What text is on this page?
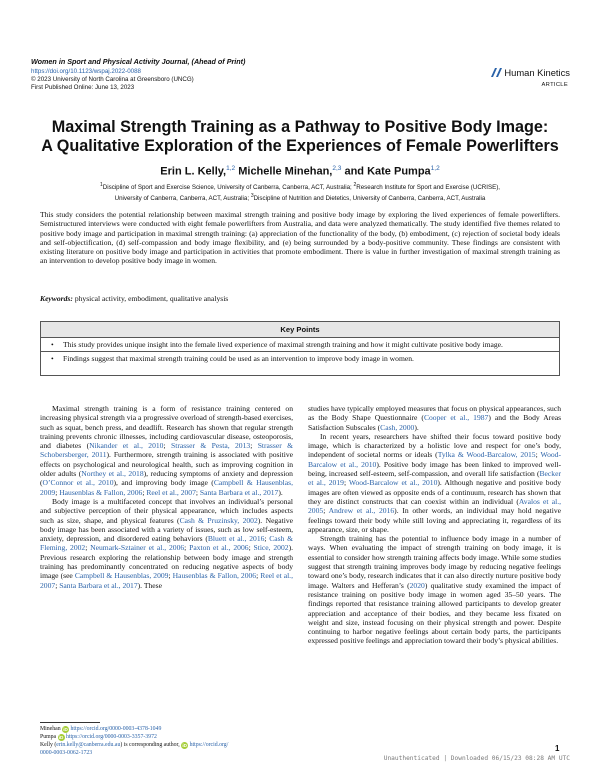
Women in Sport and Physical Activity Journal, (Ahead of Print)
https://doi.org/10.1123/wspaj.2022-0088
© 2023 University of North Carolina at Greensboro (UNCG)
First Published Online: June 13, 2023
Human Kinetics
ARTICLE
Maximal Strength Training as a Pathway to Positive Body Image:
A Qualitative Exploration of the Experiences of Female Powerlifters
Erin L. Kelly,$^{1,2}$ Michelle Minehan,$^{2,3}$ and Kate Pumpa$^{1,2}$
$^1$Discipline of Sport and Exercise Science, University of Canberra, Canberra, ACT, Australia; $^2$Research Institute for Sport and Exercise (UCRISE),
University of Canberra, Canberra, ACT, Australia; $^3$Discipline of Nutrition and Dietetics, University of Canberra, Canberra, ACT, Australia
This study considers the potential relationship between maximal strength training and positive body image by exploring the lived experiences of female powerlifters. Semistructured interviews were conducted with eight female powerlifters from Australia, and data were analyzed thematically. The study identified five themes related to positive body image and participation in maximal strength training: (a) appreciation of the functionality of the body, (b) embodiment, (c) rejection of societal body ideals and self-objectification, (d) self-compassion and body image flexibility, and (e) being surrounded by a body-positive community. These findings are consistent with existing literature on positive body image and participation in activities that promote embodiment. There is value in further investigation of maximal strength training as an intervention to develop positive body image in women.
Keywords: physical activity, embodiment, qualitative analysis
Key Points
• This study provides unique insight into the female lived experience of maximal strength training and how it might cultivate positive body image.
• Findings suggest that maximal strength training could be used as an intervention to improve body image in women.

Maximal strength training is a form of resistance training centered on increasing physical strength via a progressive overload of strength-based exercises, such as squat, bench press, and deadlift. Research has shown that regular strength training prevents chronic illnesses, including cardiovascular disease, osteoporosis, and diabetes (Nikander et al., 2010; Strasser & Pesta, 2013; Strasser & Schobersberger, 2011). Furthermore, strength training is associated with positive effects on psychological and neurological health, such as improving cognition in older adults (Northey et al., 2018), reducing symptoms of anxiety and depression (O’Connor et al., 2010), and improving body image (Campbell & Hausenblas, 2009; Hausenblas & Fallon, 2006; Reel et al., 2007; Santa Barbara et al., 2017).

Body image is a multifaceted concept that involves an individual’s personal and subjective perception of their physical appearance, which includes aspects such as size, shape, and physical features (Cash & Pruzinsky, 2002). Negative body image has been associated with a variety of issues, such as low self-esteem, anxiety, depression, and disordered eating behaviors (Bluett et al., 2016; Cash & Fleming, 2002; Neumark-Sztainer et al., 2006; Paxton et al., 2006; Stice, 2002). Previous research exploring the relationship between body image and strength training has predominantly concentrated on reducing negative aspects of body image (see Campbell & Hausenblas, 2009; Hausenblas & Fallon, 2006; Reel et al., 2007; Santa Barbara et al., 2017). These

studies have typically employed measures that focus on physical appearances, such as the Body Shape Questionnaire (Cooper et al., 1987) and the Body Areas Satisfaction Subscales (Cash, 2000).

In recent years, researchers have shifted their focus toward positive body image, which is characterized by a holistic love and respect for one’s body, independent of societal norms or ideals (Tylka & Wood-Barcalow, 2015; Wood-Barcalow et al., 2010). Positive body image has been linked to improved well-being, increased self-esteem, self-compassion, and overall life satisfaction (Becker et al., 2019; Wood-Barcalow et al., 2010). Although negative and positive body images are often viewed as opposite ends of a continuum, research has shown that they are distinct constructs that can coexist within an individual (Avalos et al., 2005; Andrew et al., 2016). In other words, an individual may hold negative feelings toward their body while still loving and appreciating it, regardless of its appearance, size, or shape.

Strength training has the potential to influence body image in a number of ways. When evaluating the impact of strength training on body image, it is essential to consider how strength training affects body image. While some studies suggest that strength training improves body image by reducing negative feelings toward one’s body, research indicates that it can also directly nurture positive body image. Walters and Hefferan’s (2020) qualitative study examined the impact of resistance training on positive body image in women aged 35–50 years. The findings reported that resistance training allowed participants to develop greater appreciation and acceptance of their bodies, and they became less fixated on weight and size, instead focusing on their physical strength and power. Despite continuing to harbor negative feelings about certain body parts, the participants expressed positive feelings and appreciation toward their body’s physical abilities.

Minehan iD https://orcid.org/0000-0003-4378-1049
Pumpa iD https://orcid.org/0000-0003-3357-3972
Kelly (erin.kelly@canberra.edu.au) is corresponding author, iD https://orcid.org/
0000-0003-0062-1723	1
Unauthenticated | Downloaded 06/15/23 08:28 AM UTC
